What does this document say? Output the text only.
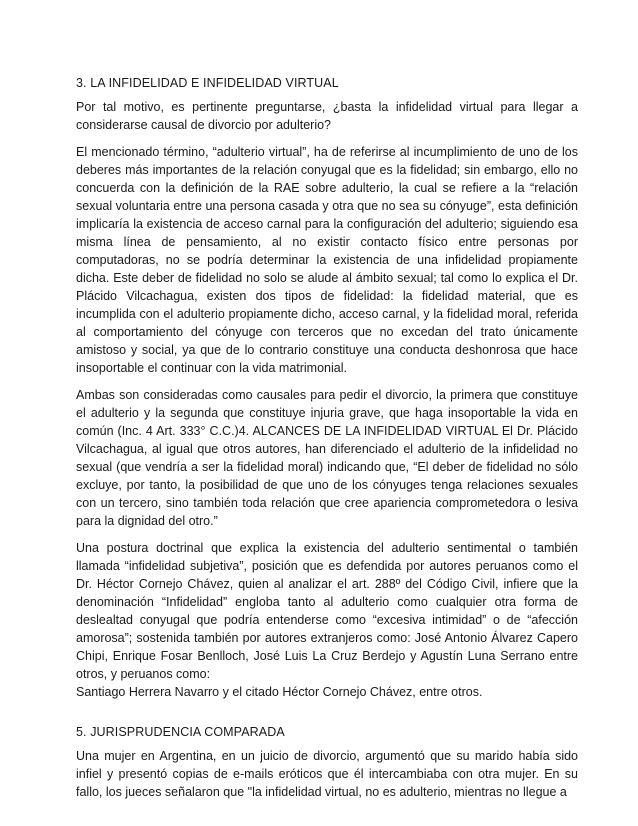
3. LA INFIDELIDAD E INFIDELIDAD VIRTUAL

Por tal motivo, es pertinente preguntarse, ¿basta la infidelidad virtual para llegar a considerarse causal de divorcio por adulterio?

El mencionado término, “adulterio virtual”, ha de referirse al incumplimiento de uno de los deberes más importantes de la relación conyugal que es la fidelidad; sin embargo, ello no concuerda con la definición de la RAE sobre adulterio, la cual se refiere a la “relación sexual voluntaria entre una persona casada y otra que no sea su cónyuge”, esta definición implicaría la existencia de acceso carnal para la configuración del adulterio; siguiendo esa misma línea de pensamiento, al no existir contacto físico entre personas por computadoras, no se podría determinar la existencia de una infidelidad propiamente dicha. Este deber de fidelidad no solo se alude al ámbito sexual; tal como lo explica el Dr. Plácido Vilcachagua, existen dos tipos de fidelidad: la fidelidad material, que es incumplida con el adulterio propiamente dicho, acceso carnal, y la fidelidad moral, referida al comportamiento del cónyuge con terceros que no excedan del trato únicamente amistoso y social, ya que de lo contrario constituye una conducta deshonrosa que hace insoportable el continuar con la vida matrimonial.

Ambas son consideradas como causales para pedir el divorcio, la primera que constituye el adulterio y la segunda que constituye injuria grave, que haga insoportable la vida en común (Inc. 4 Art. 333° C.C.)4. ALCANCES DE LA INFIDELIDAD VIRTUAL El Dr. Plácido Vilcachagua, al igual que otros autores, han diferenciado el adulterio de la infidelidad no sexual (que vendría a ser la fidelidad moral) indicando que, “El deber de fidelidad no sólo excluye, por tanto, la posibilidad de que uno de los cónyuges tenga relaciones sexuales con un tercero, sino también toda relación que cree apariencia comprometedora o lesiva para la dignidad del otro.”

Una postura doctrinal que explica la existencia del adulterio sentimental o también llamada “infidelidad subjetiva”, posición que es defendida por autores peruanos como el Dr. Héctor Cornejo Chávez, quien al analizar el art. 288º del Código Civil, infiere que la denominación “Infidelidad” engloba tanto al adulterio como cualquier otra forma de deslealtad conyugal que podría entenderse como “excesiva intimidad” o de “afección amorosa”; sostenida también por autores extranjeros como: José Antonio Álvarez Capero Chipi, Enrique Fosar Benlloch, José Luis La Cruz Berdejo y Agustín Luna Serrano entre otros, y peruanos como:
Santiago Herrera Navarro y el citado Héctor Cornejo Chávez, entre otros.

5. JURISPRUDENCIA COMPARADA

Una mujer en Argentina, en un juicio de divorcio, argumentó que su marido había sido infiel y presentó copias de e-mails eróticos que él intercambiaba con otra mujer. En su fallo, los jueces señalaron que "la infidelidad virtual, no es adulterio, mientras no llegue a
